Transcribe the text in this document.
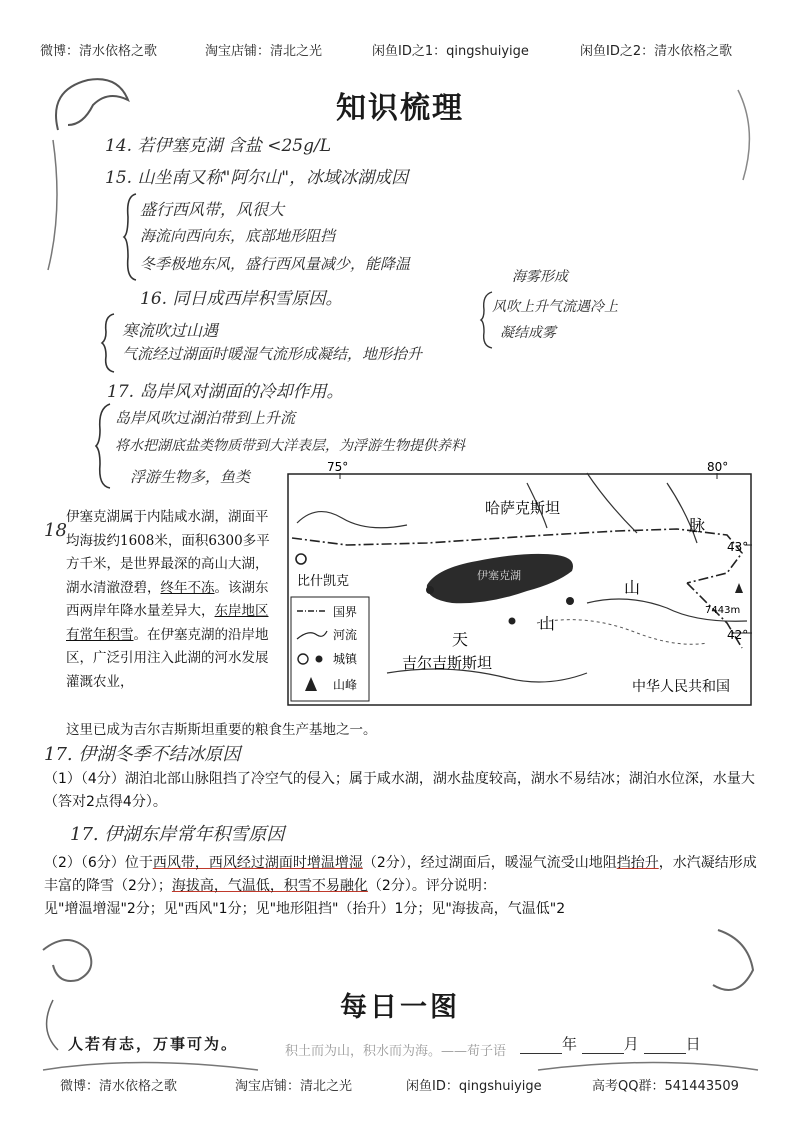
微博：清水依格之歌	淘宝店铺：清北之光	闲鱼ID之1：qingshuiyige	闲鱼ID之2：清水依格之歌
知识梳理
14. 若伊塞克湖 含盐 <25g/L
15. 山坐南又称"阿尔山"，冰域冰湖成因
盛行西风带，风很大
海流向西向东，底部地形阻挡
冬季极地东风，盛行西风量减少，能降温
16. 同日成西岸积雪原因。
寒流吹过山遇
气流经过湖面时暖湿气流形成凝结，地形抬升
17. 岛岸风对湖面的冷却作用。
岛岸风吹过湖泊带到上升流
将水把湖底盐类物质带到大洋表层，为浮游生物提供养料
浮游生物多，鱼类
海雾形成
风吹上升气流遇冷上
凝结成雾
18
伊塞克湖属于内陆咸水湖，湖面平均海拔约1608米，面积6300多平方千米，是世界最深的高山大湖，湖水清澈澄碧，终年不冻。该湖东西两岸年降水量差异大，东岸地区有常年积雪。在伊塞克湖的沿岸地区，广泛引用注入此湖的河水发展灌溉农业，
这里已成为吉尔吉斯斯坦重要的粮食生产基地之一。
哈萨克斯坦
比什凯克	伊塞克湖
吉尔吉斯斯坦
中华人民共和国
天
山
山
脉
7443m
75°	80°
43°
42°
国界
河流
城镇
山峰
17. 伊湖冬季不结冰原因
17. 伊湖东岸常年积雪原因
（1）（4分）湖泊北部山脉阻挡了冷空气的侵入；属于咸水湖，湖水盐度较高，湖水不易结冰；湖泊水位深，水量大（答对2点得4分）。
（2）（6分）位于西风带，西风经过湖面时增温增湿（2分），经过湖面后，暖湿气流受山地阻挡抬升，水汽凝结形成丰富的降雪（2分）；海拔高，气温低，积雪不易融化（2分）。评分说明：
见"增温增湿"2分；见"西风"1分；见"地形阻挡"（抬升）1分；见"海拔高，气温低"2
每日一图
积土而为山，积水而为海。——荀子语
人若有志，万事可为。	年	月	日
微博：清水依格之歌	淘宝店铺：清北之光	闲鱼ID：qingshuiyige	高考QQ群：541443509
